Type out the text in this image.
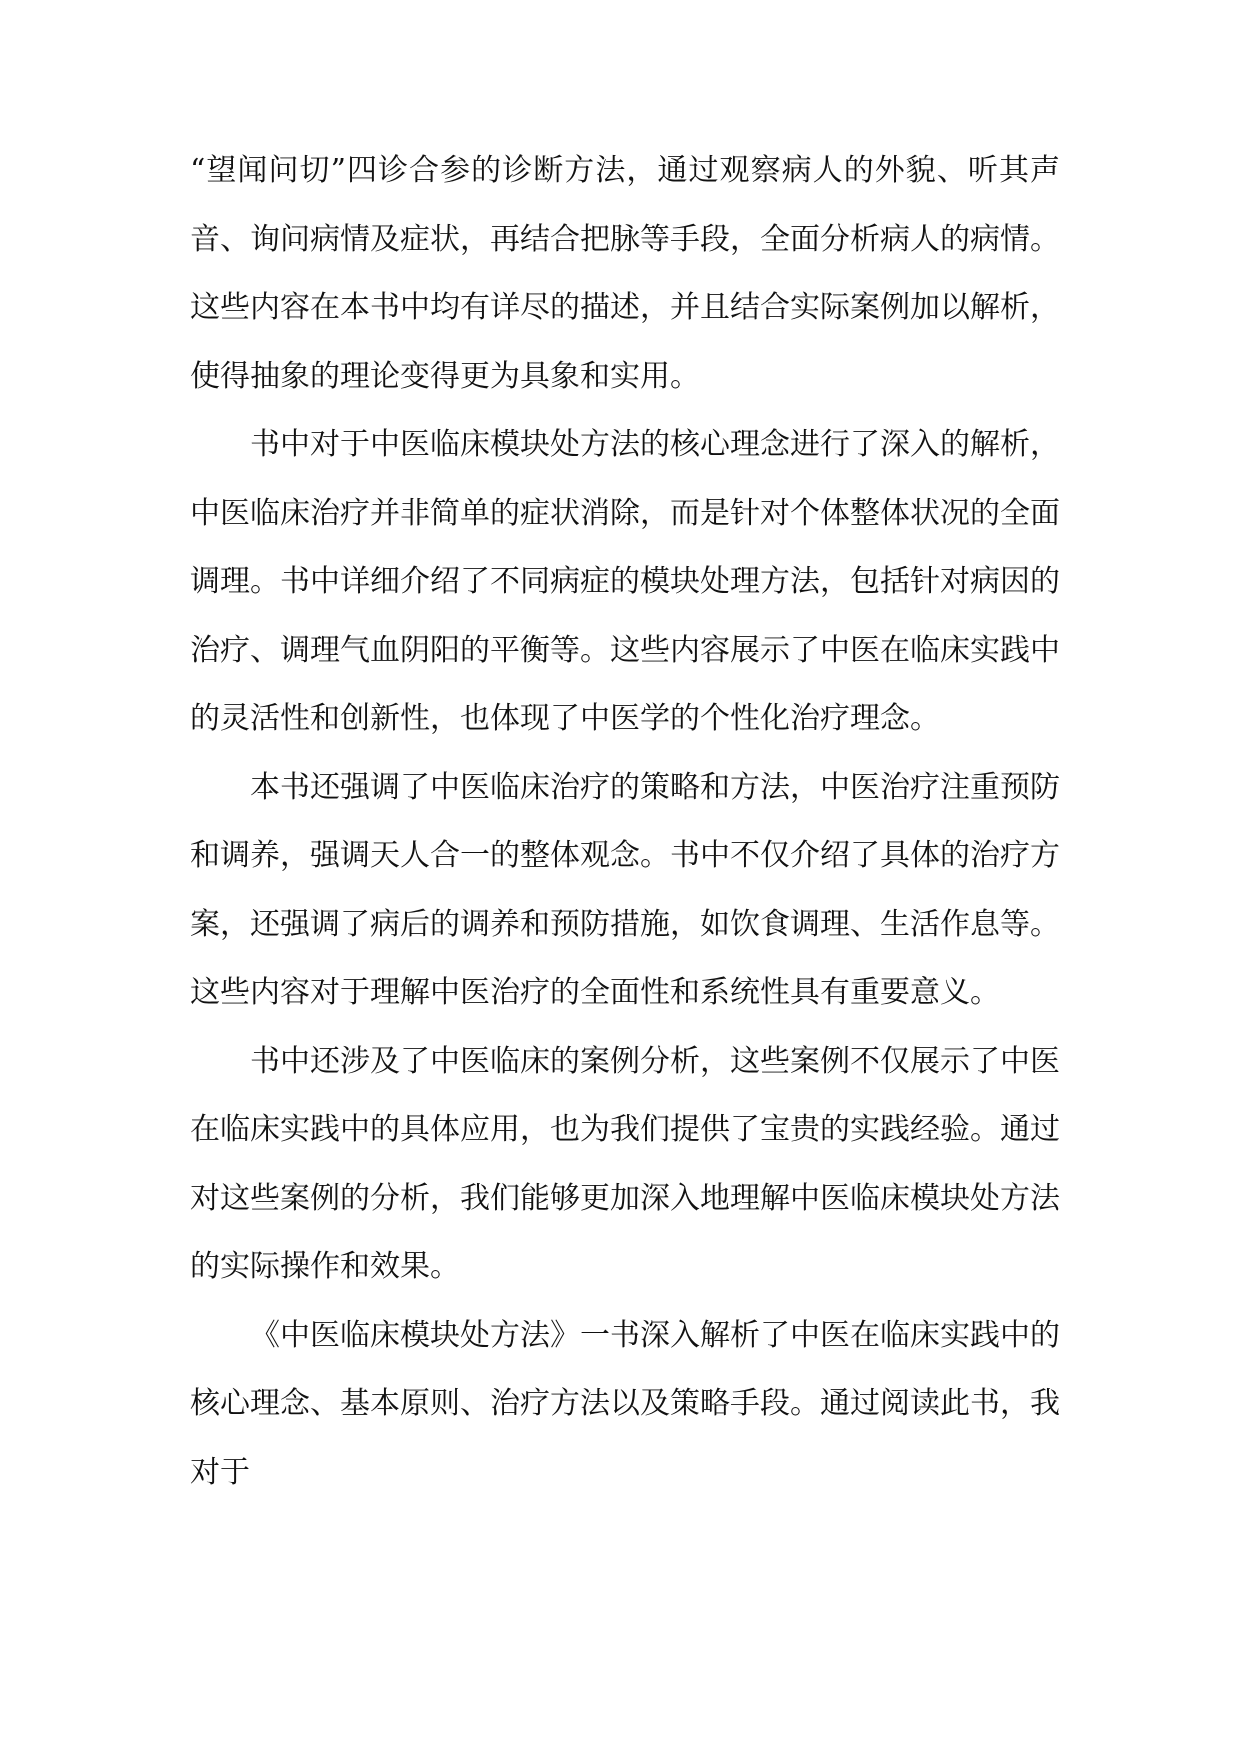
“望闻问切”四诊合参的诊断方法，通过观察病人的外貌、听其声音、询问病情及症状，再结合把脉等手段，全面分析病人的病情。这些内容在本书中均有详尽的描述，并且结合实际案例加以解析，使得抽象的理论变得更为具象和实用。

书中对于中医临床模块处方法的核心理念进行了深入的解析，中医临床治疗并非简单的症状消除，而是针对个体整体状况的全面调理。书中详细介绍了不同病症的模块处理方法，包括针对病因的治疗、调理气血阴阳的平衡等。这些内容展示了中医在临床实践中的灵活性和创新性，也体现了中医学的个性化治疗理念。

本书还强调了中医临床治疗的策略和方法，中医治疗注重预防和调养，强调天人合一的整体观念。书中不仅介绍了具体的治疗方案，还强调了病后的调养和预防措施，如饮食调理、生活作息等。这些内容对于理解中医治疗的全面性和系统性具有重要意义。

书中还涉及了中医临床的案例分析，这些案例不仅展示了中医在临床实践中的具体应用，也为我们提供了宝贵的实践经验。通过对这些案例的分析，我们能够更加深入地理解中医临床模块处方法的实际操作和效果。

《中医临床模块处方法》一书深入解析了中医在临床实践中的核心理念、基本原则、治疗方法以及策略手段。通过阅读此书，我对于
